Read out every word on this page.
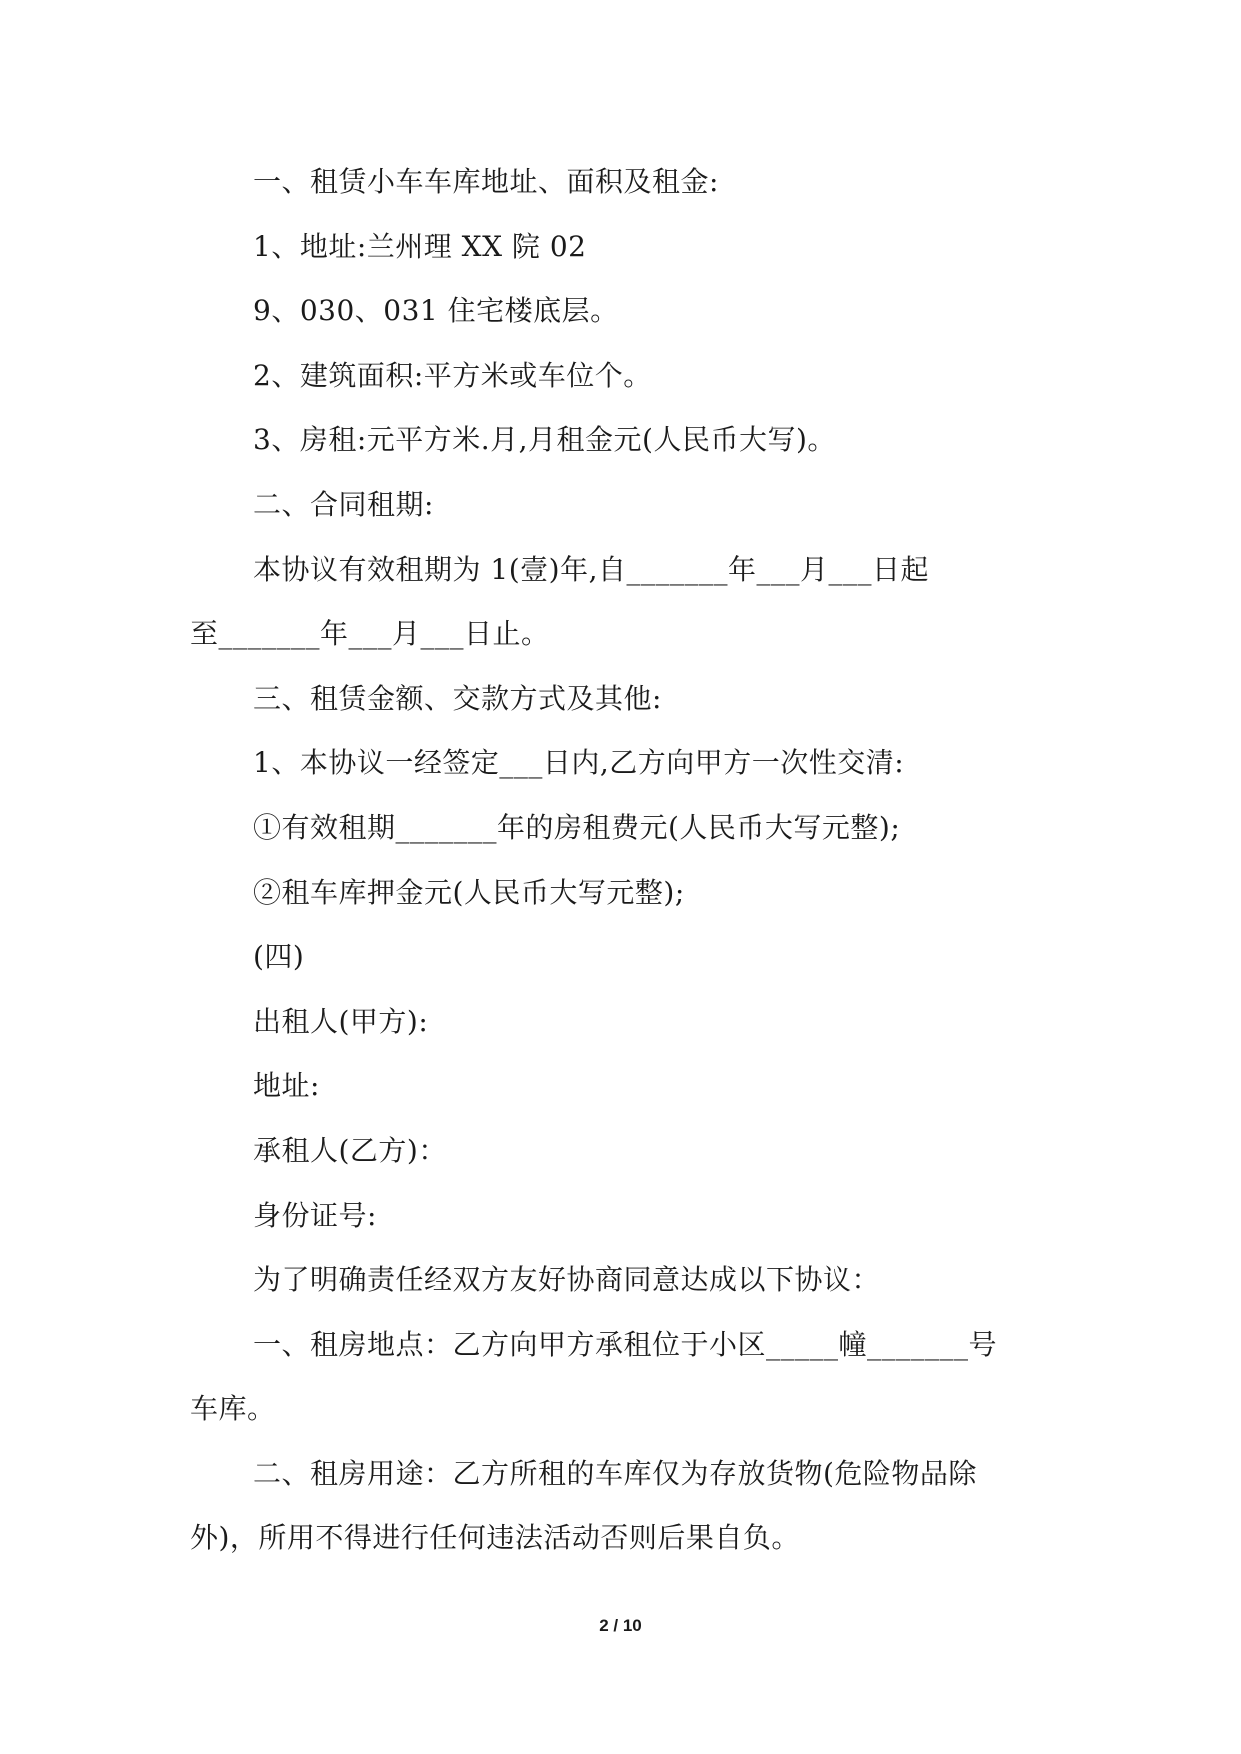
一、租赁小车车库地址、面积及租金:
1、地址:兰州理 XX 院 02
9、030、031 住宅楼底层。
2、建筑面积:平方米或车位个。
3、房租:元平方米.月,月租金元(人民币大写)。
二、合同租期:
本协议有效租期为 1(壹)年,自_______年___月___日起
至_______年___月___日止。
三、租赁金额、交款方式及其他:
1、本协议一经签定___日内,乙方向甲方一次性交清:
①有效租期_______年的房租费元(人民币大写元整);
②租车库押金元(人民币大写元整);
(四)
出租人(甲方):
地址:
承租人(乙方)：
身份证号:
为了明确责任经双方友好协商同意达成以下协议：
一、租房地点：乙方向甲方承租位于小区_____幢_______号
车库。
二、租房用途：乙方所租的车库仅为存放货物(危险物品除
外)，所用不得进行任何违法活动否则后果自负。
2 / 10
